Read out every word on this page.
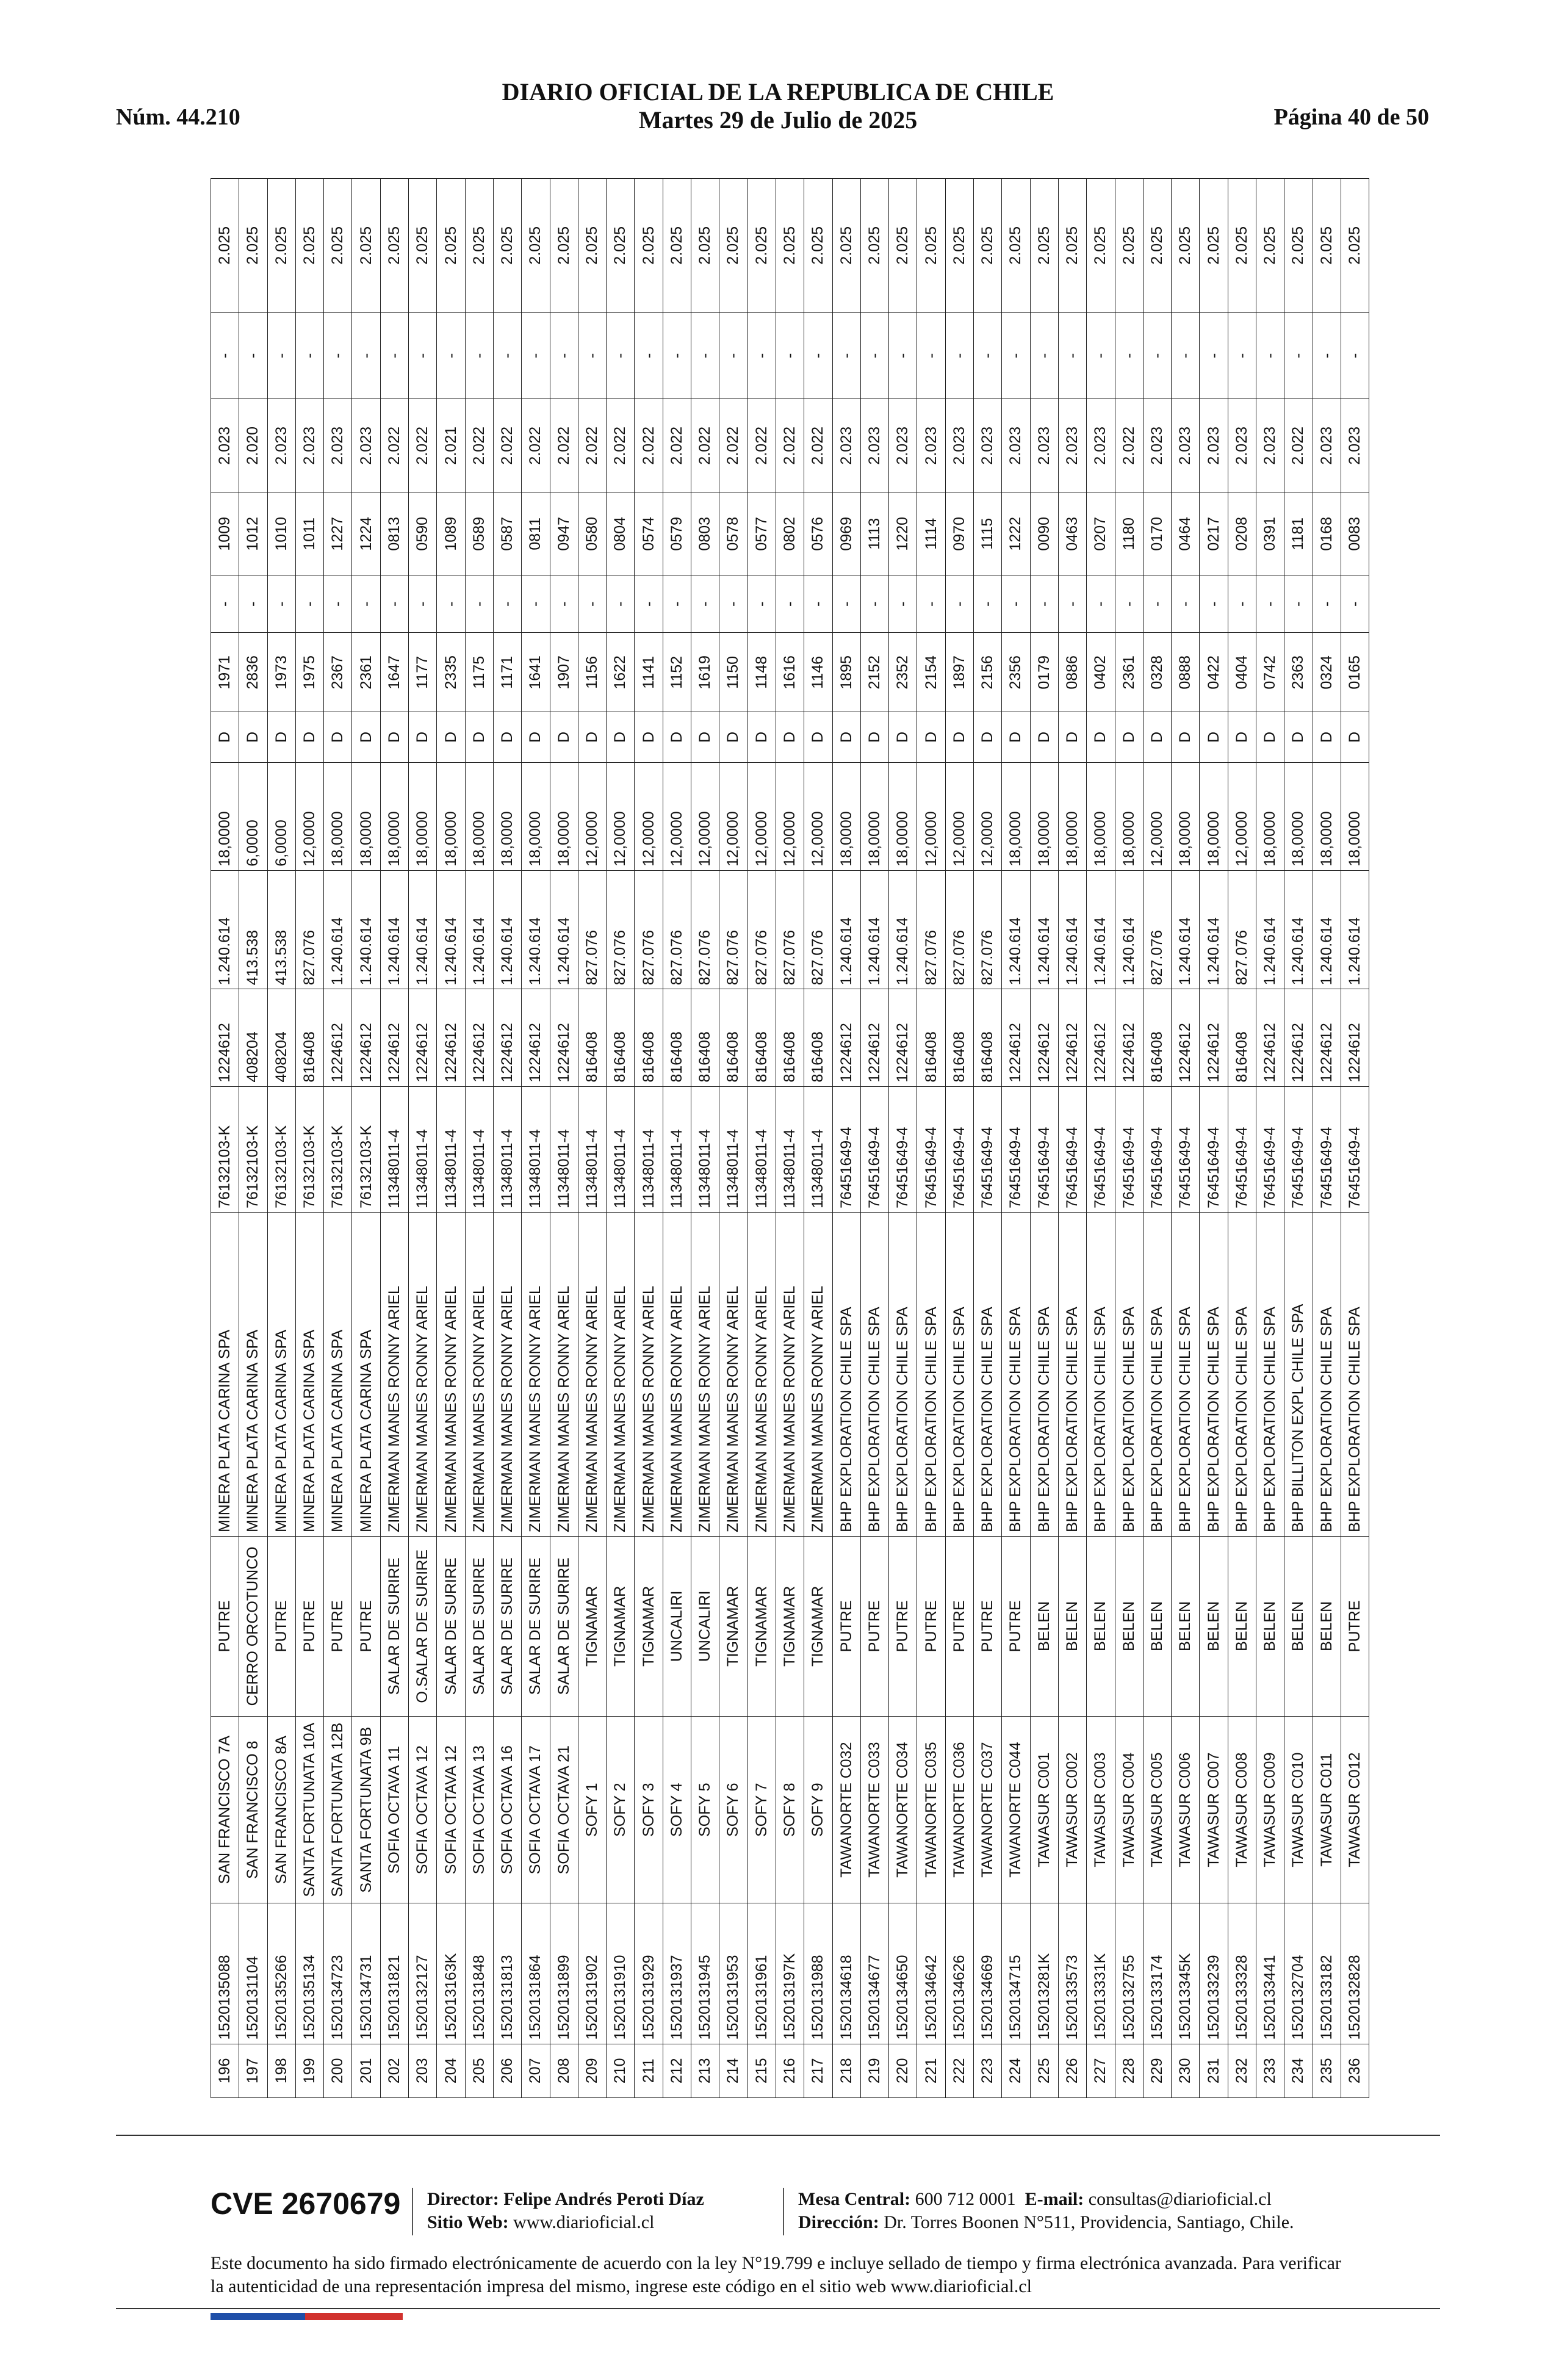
Núm. 44.210
DIARIO OFICIAL DE LA REPUBLICA DE CHILE
Martes 29 de Julio de 2025	Página 40 de 50
196	1520135088	SAN FRANCISCO 7A	PUTRE	MINERA PLATA CARINA SPA	76132103-K	1224612	1.240.614	18,0000	D	1971	-	1009	2.023	-	2.025
197	1520131104	SAN FRANCISCO 8	CERRO ORCOTUNCO	MINERA PLATA CARINA SPA	76132103-K	408204	413.538	6,0000	D	2836	-	1012	2.020	-	2.025
198	1520135266	SAN FRANCISCO 8A	PUTRE	MINERA PLATA CARINA SPA	76132103-K	408204	413.538	6,0000	D	1973	-	1010	2.023	-	2.025
199	1520135134	SANTA FORTUNATA 10A	PUTRE	MINERA PLATA CARINA SPA	76132103-K	816408	827.076	12,0000	D	1975	-	1011	2.023	-	2.025
200	1520134723	SANTA FORTUNATA 12B	PUTRE	MINERA PLATA CARINA SPA	76132103-K	1224612	1.240.614	18,0000	D	2367	-	1227	2.023	-	2.025
201	1520134731	SANTA FORTUNATA 9B	PUTRE	MINERA PLATA CARINA SPA	76132103-K	1224612	1.240.614	18,0000	D	2361	-	1224	2.023	-	2.025
202	1520131821	SOFIA OCTAVA 11	SALAR DE SURIRE	ZIMERMAN MANES RONNY ARIEL	11348011-4	1224612	1.240.614	18,0000	D	1647	-	0813	2.022	-	2.025
203	1520132127	SOFIA OCTAVA 12	O.SALAR DE SURIRE	ZIMERMAN MANES RONNY ARIEL	11348011-4	1224612	1.240.614	18,0000	D	1177	-	0590	2.022	-	2.025
204	152013163K	SOFIA OCTAVA 12	SALAR DE SURIRE	ZIMERMAN MANES RONNY ARIEL	11348011-4	1224612	1.240.614	18,0000	D	2335	-	1089	2.021	-	2.025
205	1520131848	SOFIA OCTAVA 13	SALAR DE SURIRE	ZIMERMAN MANES RONNY ARIEL	11348011-4	1224612	1.240.614	18,0000	D	1175	-	0589	2.022	-	2.025
206	1520131813	SOFIA OCTAVA 16	SALAR DE SURIRE	ZIMERMAN MANES RONNY ARIEL	11348011-4	1224612	1.240.614	18,0000	D	1171	-	0587	2.022	-	2.025
207	1520131864	SOFIA OCTAVA 17	SALAR DE SURIRE	ZIMERMAN MANES RONNY ARIEL	11348011-4	1224612	1.240.614	18,0000	D	1641	-	0811	2.022	-	2.025
208	1520131899	SOFIA OCTAVA 21	SALAR DE SURIRE	ZIMERMAN MANES RONNY ARIEL	11348011-4	1224612	1.240.614	18,0000	D	1907	-	0947	2.022	-	2.025
209	1520131902	SOFY 1	TIGNAMAR	ZIMERMAN MANES RONNY ARIEL	11348011-4	816408	827.076	12,0000	D	1156	-	0580	2.022	-	2.025
210	1520131910	SOFY 2	TIGNAMAR	ZIMERMAN MANES RONNY ARIEL	11348011-4	816408	827.076	12,0000	D	1622	-	0804	2.022	-	2.025
211	1520131929	SOFY 3	TIGNAMAR	ZIMERMAN MANES RONNY ARIEL	11348011-4	816408	827.076	12,0000	D	1141	-	0574	2.022	-	2.025
212	1520131937	SOFY 4	UNCALIRI	ZIMERMAN MANES RONNY ARIEL	11348011-4	816408	827.076	12,0000	D	1152	-	0579	2.022	-	2.025
213	1520131945	SOFY 5	UNCALIRI	ZIMERMAN MANES RONNY ARIEL	11348011-4	816408	827.076	12,0000	D	1619	-	0803	2.022	-	2.025
214	1520131953	SOFY 6	TIGNAMAR	ZIMERMAN MANES RONNY ARIEL	11348011-4	816408	827.076	12,0000	D	1150	-	0578	2.022	-	2.025
215	1520131961	SOFY 7	TIGNAMAR	ZIMERMAN MANES RONNY ARIEL	11348011-4	816408	827.076	12,0000	D	1148	-	0577	2.022	-	2.025
216	152013197K	SOFY 8	TIGNAMAR	ZIMERMAN MANES RONNY ARIEL	11348011-4	816408	827.076	12,0000	D	1616	-	0802	2.022	-	2.025
217	1520131988	SOFY 9	TIGNAMAR	ZIMERMAN MANES RONNY ARIEL	11348011-4	816408	827.076	12,0000	D	1146	-	0576	2.022	-	2.025
218	1520134618	TAWANORTE C032	PUTRE	BHP EXPLORATION CHILE SPA	76451649-4	1224612	1.240.614	18,0000	D	1895	-	0969	2.023	-	2.025
219	1520134677	TAWANORTE C033	PUTRE	BHP EXPLORATION CHILE SPA	76451649-4	1224612	1.240.614	18,0000	D	2152	-	1113	2.023	-	2.025
220	1520134650	TAWANORTE C034	PUTRE	BHP EXPLORATION CHILE SPA	76451649-4	1224612	1.240.614	18,0000	D	2352	-	1220	2.023	-	2.025
221	1520134642	TAWANORTE C035	PUTRE	BHP EXPLORATION CHILE SPA	76451649-4	816408	827.076	12,0000	D	2154	-	1114	2.023	-	2.025
222	1520134626	TAWANORTE C036	PUTRE	BHP EXPLORATION CHILE SPA	76451649-4	816408	827.076	12,0000	D	1897	-	0970	2.023	-	2.025
223	1520134669	TAWANORTE C037	PUTRE	BHP EXPLORATION CHILE SPA	76451649-4	816408	827.076	12,0000	D	2156	-	1115	2.023	-	2.025
224	1520134715	TAWANORTE C044	PUTRE	BHP EXPLORATION CHILE SPA	76451649-4	1224612	1.240.614	18,0000	D	2356	-	1222	2.023	-	2.025
225	152013281K	TAWASUR C001	BELEN	BHP EXPLORATION CHILE SPA	76451649-4	1224612	1.240.614	18,0000	D	0179	-	0090	2.023	-	2.025
226	1520133573	TAWASUR C002	BELEN	BHP EXPLORATION CHILE SPA	76451649-4	1224612	1.240.614	18,0000	D	0886	-	0463	2.023	-	2.025
227	152013331K	TAWASUR C003	BELEN	BHP EXPLORATION CHILE SPA	76451649-4	1224612	1.240.614	18,0000	D	0402	-	0207	2.023	-	2.025
228	1520132755	TAWASUR C004	BELEN	BHP EXPLORATION CHILE SPA	76451649-4	1224612	1.240.614	18,0000	D	2361	-	1180	2.022	-	2.025
229	1520133174	TAWASUR C005	BELEN	BHP EXPLORATION CHILE SPA	76451649-4	816408	827.076	12,0000	D	0328	-	0170	2.023	-	2.025
230	152013345K	TAWASUR C006	BELEN	BHP EXPLORATION CHILE SPA	76451649-4	1224612	1.240.614	18,0000	D	0888	-	0464	2.023	-	2.025
231	1520133239	TAWASUR C007	BELEN	BHP EXPLORATION CHILE SPA	76451649-4	1224612	1.240.614	18,0000	D	0422	-	0217	2.023	-	2.025
232	1520133328	TAWASUR C008	BELEN	BHP EXPLORATION CHILE SPA	76451649-4	816408	827.076	12,0000	D	0404	-	0208	2.023	-	2.025
233	1520133441	TAWASUR C009	BELEN	BHP EXPLORATION CHILE SPA	76451649-4	1224612	1.240.614	18,0000	D	0742	-	0391	2.023	-	2.025
234	1520132704	TAWASUR C010	BELEN	BHP BILLITON EXPL CHILE SPA	76451649-4	1224612	1.240.614	18,0000	D	2363	-	1181	2.022	-	2.025
235	1520133182	TAWASUR C011	BELEN	BHP EXPLORATION CHILE SPA	76451649-4	1224612	1.240.614	18,0000	D	0324	-	0168	2.023	-	2.025
236	1520132828	TAWASUR C012	PUTRE	BHP EXPLORATION CHILE SPA	76451649-4	1224612	1.240.614	18,0000	D	0165	-	0083	2.023	-	2.025
CVE 2670679 Director: Felipe Andrés Peroti Díaz
Sitio Web: www.diarioficial.cl
Mesa Central: 600 712 0001 E-mail: consultas@diarioficial.cl
Dirección: Dr. Torres Boonen N°511, Providencia, Santiago, Chile.
Este documento ha sido firmado electrónicamente de acuerdo con la ley N°19.799 e incluye sellado de tiempo y firma electrónica avanzada. Para verificar la autenticidad de una representación impresa del mismo, ingrese este código en el sitio web www.diarioficial.cl
